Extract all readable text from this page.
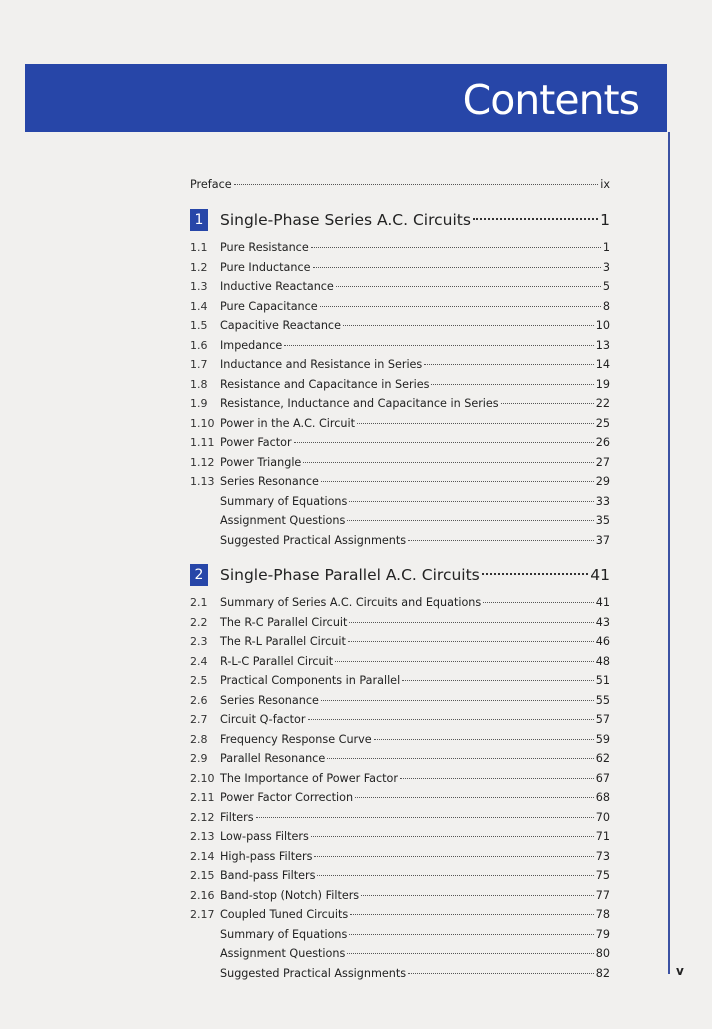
Contents
Preface	ix
1 Single-Phase Series A.C. Circuits	1
1.1	Pure Resistance	1
1.2	Pure Inductance	3
1.3	Inductive Reactance	5
1.4	Pure Capacitance	8
1.5	Capacitive Reactance	10
1.6	Impedance	13
1.7	Inductance and Resistance in Series	14
1.8	Resistance and Capacitance in Series	19
1.9	Resistance, Inductance and Capacitance in Series	22
1.10 Power in the A.C. Circuit	25
1.11 Power Factor	26
1.12 Power Triangle	27
1.13 Series Resonance	29
Summary of Equations	33
Assignment Questions	35
Suggested Practical Assignments	37
2 Single-Phase Parallel A.C. Circuits	41
2.1	Summary of Series A.C. Circuits and Equations	41
2.2	The R-C Parallel Circuit	43
2.3	The R-L Parallel Circuit	46
2.4	R-L-C Parallel Circuit	48
2.5	Practical Components in Parallel	51
2.6	Series Resonance	55
2.7	Circuit Q-factor	57
2.8	Frequency Response Curve	59
2.9	Parallel Resonance	62
2.10 The Importance of Power Factor	67
2.11 Power Factor Correction	68
2.12 Filters	70
2.13 Low-pass Filters	71
2.14 High-pass Filters	73
2.15 Band-pass Filters	75
2.16 Band-stop (Notch) Filters	77
2.17 Coupled Tuned Circuits	78
Summary of Equations	79
Assignment Questions	80
Suggested Practical Assignments	82	v
